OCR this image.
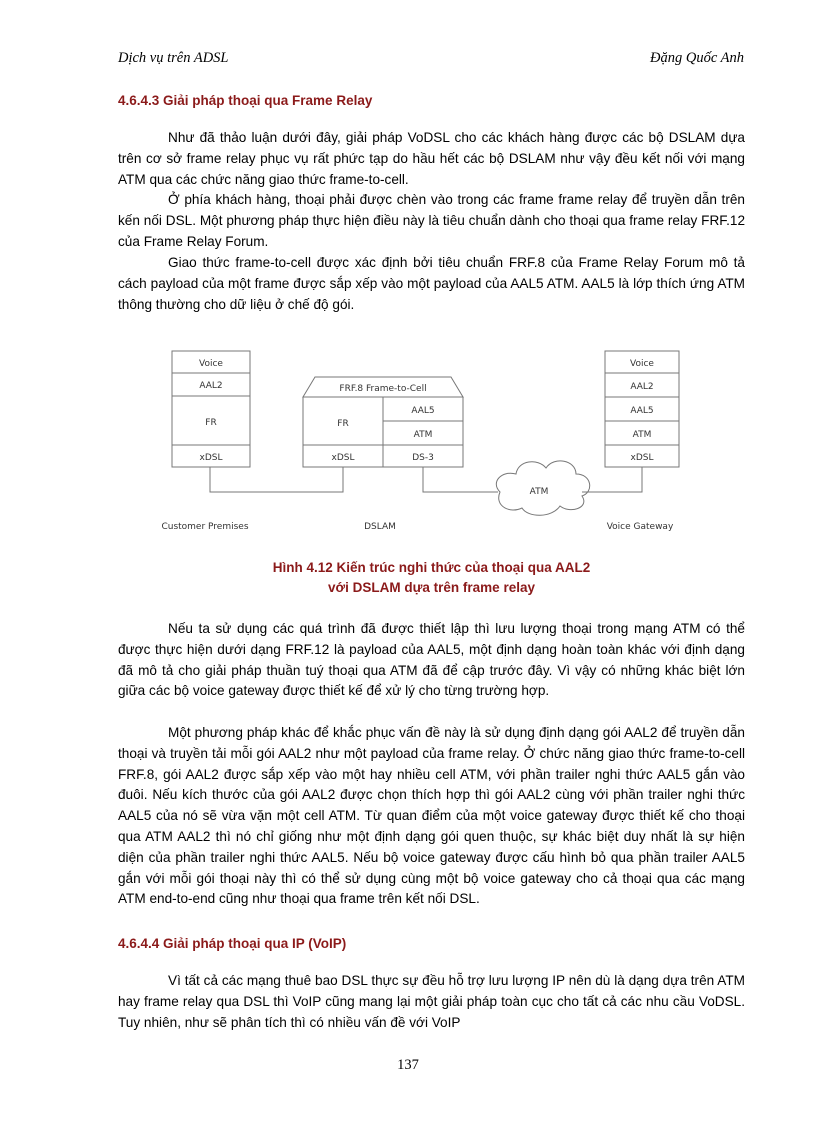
Dịch vụ trên ADSL	Đặng Quốc Anh
4.6.4.3 Giải pháp thoại qua Frame Relay

Như đã thảo luận dưới đây, giải pháp VoDSL cho các khách hàng được các bộ DSLAM dựa trên cơ sở frame relay phục vụ rất phức tạp do hầu hết các bộ DSLAM như vậy đều kết nối với mạng ATM qua các chức năng giao thức frame-to-cell.

Ở phía khách hàng, thoại phải được chèn vào trong các frame frame relay để truyền dẫn trên kến nối DSL. Một phương pháp thực hiện điều này là tiêu chuẩn dành cho thoại qua frame relay FRF.12 của Frame Relay Forum.

Giao thức frame-to-cell được xác định bởi tiêu chuẩn FRF.8 của Frame Relay Forum mô tả cách payload của một frame được sắp xếp vào một payload của AAL5 ATM. AAL5 là lớp thích ứng ATM thông thường cho dữ liệu ở chế độ gói.

Voice
AAL2
FR
xDSL
FRF.8 Frame-to-Cell
FR
xDSL
AAL5
ATM
DS-3
Voice
AAL2
AAL5
ATM
xDSL
ATM
Customer Premises	DSLAM	Voice Gateway
Hình 4.12 Kiến trúc nghi thức của thoại qua AAL2
với DSLAM dựa trên frame relay

Nếu ta sử dụng các quá trình đã được thiết lập thì lưu lượng thoại trong mạng ATM có thể được thực hiện dưới dạng FRF.12 là payload của AAL5, một định dạng hoàn toàn khác với định dạng đã mô tả cho giải pháp thuần tuý thoại qua ATM đã để cập trước đây. Vì vậy có những khác biệt lớn giữa các bộ voice gateway được thiết kế để xử lý cho từng trường hợp.

Một phương pháp khác để khắc phục vấn đề này là sử dụng định dạng gói AAL2 để truyền dẫn thoại và truyền tải mỗi gói AAL2 như một payload của frame relay. Ở chức năng giao thức frame-to-cell FRF.8, gói AAL2 được sắp xếp vào một hay nhiều cell ATM, với phần trailer nghi thức AAL5 gắn vào đuôi. Nếu kích thước của gói AAL2 được chọn thích hợp thì gói AAL2 cùng với phần trailer nghi thức AAL5 của nó sẽ vừa vặn một cell ATM. Từ quan điểm của một voice gateway được thiết kế cho thoại qua ATM AAL2 thì nó chỉ giống như một định dạng gói quen thuộc, sự khác biệt duy nhất là sự hiện diện của phần trailer nghi thức AAL5. Nếu bộ voice gateway được cấu hình bỏ qua phần trailer AAL5 gắn với mỗi gói thoại này thì có thể sử dụng cùng một bộ voice gateway cho cả thoại qua các mạng ATM end-to-end cũng như thoại qua frame trên kết nối DSL.

4.6.4.4 Giải pháp thoại qua IP (VoIP)

Vì tất cả các mạng thuê bao DSL thực sự đều hỗ trợ lưu lượng IP nên dù là dạng dựa trên ATM hay frame relay qua DSL thì VoIP cũng mang lại một giải pháp toàn cục cho tất cả các nhu cầu VoDSL. Tuy nhiên, như sẽ phân tích thì có nhiều vấn đề với VoIP

137
